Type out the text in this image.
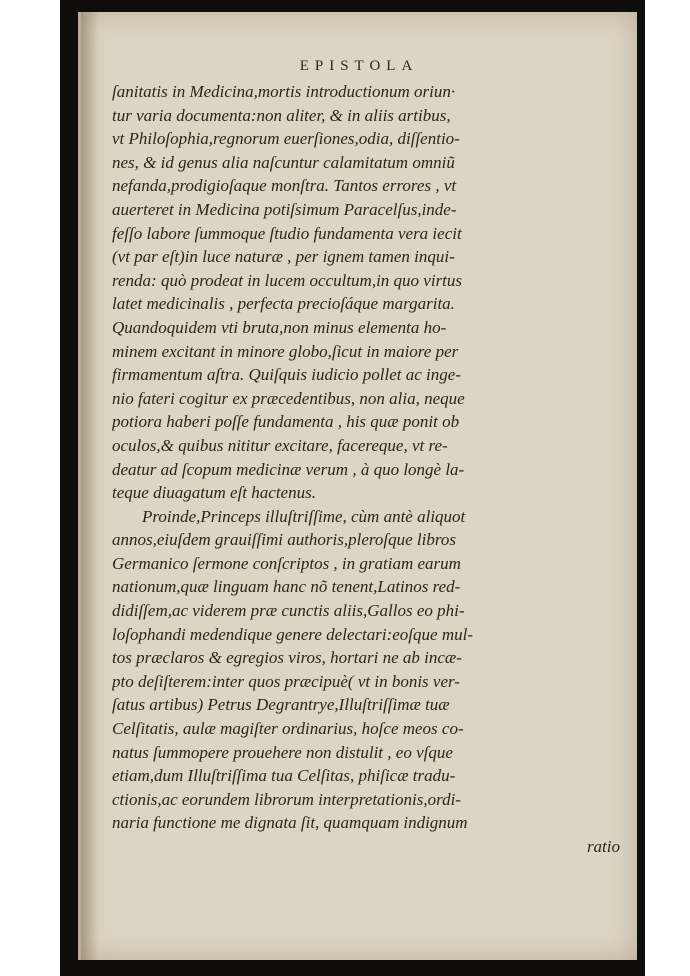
EPISTOLA
ſanitatis in Medicina,mortis introductionum oriun·
tur varia documenta:non aliter, & in aliis artibus,
vt Philoſophia,regnorum euerſiones,odia, diſſentio-
nes, & id genus alia naſcuntur calamitatum omniũ
nefanda,prodigioſaque monſtra. Tantos errores , vt
auerteret in Medicina potiſsimum Paracelſus,inde-
feſſo labore ſummoque ſtudio fundamenta vera iecit
(vt par eſt)in luce naturæ , per ignem tamen inqui-
renda: quò prodeat in lucem occultum,in quo virtus
latet medicinalis , perfecta precioſáque margarita.
Quandoquidem vti bruta,non minus elementa ho-
minem excitant in minore globo,ſicut in maiore per
firmamentum aſtra. Quiſquis iudicio pollet ac inge-
nio fateri cogitur ex præcedentibus, non alia, neque
potiora haberi poſſe fundamenta , his quæ ponit ob
oculos,& quibus nititur excitare, facereque, vt re-
deatur ad ſcopum medicinæ verum , à quo longè la-
teque diuagatum eſt hactenus.
Proinde,Princeps illuſtriſſime, cùm antè aliquot
annos,eiuſdem grauiſſimi authoris,pleroſque libros
Germanico ſermone conſcriptos , in gratiam earum
nationum,quæ linguam hanc nõ tenent,Latinos red-
didiſſem,ac viderem præ cunctis aliis,Gallos eo phi-
loſophandi medendique genere delectari:eoſque mul-
tos præclaros & egregios viros, hortari ne ab incæ-
pto deſiſterem:inter quos præcipuè( vt in bonis ver-
ſatus artibus) Petrus Degrantrye,Illuſtriſſimæ tuæ
Celſitatis, aulæ magiſter ordinarius, hoſce meos co-
natus ſummopere prouehere non distulit , eo vſque
etiam,dum Illuſtriſſima tua Celſitas, phiſicæ tradu-
ctionis,ac eorundem librorum interpretationis,ordi-
naria functione me dignata ſit, quamquam indignum
ratio
